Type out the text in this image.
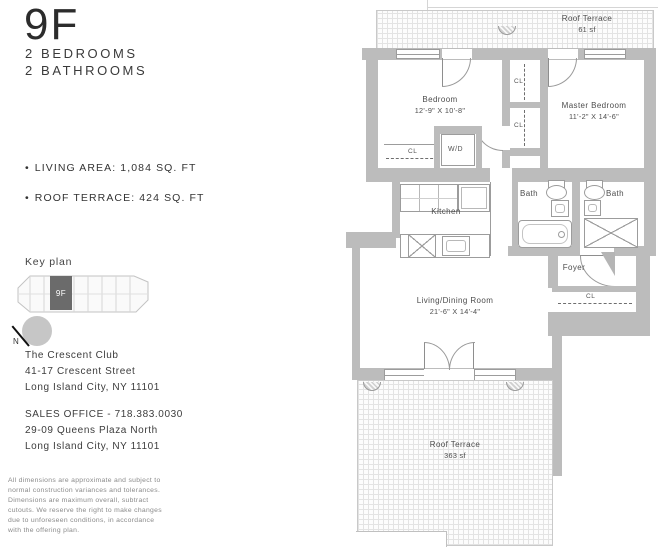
9F
2 BEDROOMS
2 BATHROOMS
• LIVING AREA: 1,084 SQ. FT
• ROOF TERRACE: 424 SQ. FT
Key plan
9F
N
The Crescent Club
41-17 Crescent Street
Long Island City, NY 11101
SALES OFFICE - 718.383.0030
29-09 Queens Plaza North
Long Island City, NY 11101
All dimensions are approximate and subject to normal construction variances and tolerances. Dimensions are maximum overall, subtract cutouts. We reserve the right to make changes due to unforeseen conditions, in accordance with the offering plan.
Roof Terrace
61 sf
CL
CL
Bedroom
12'-9" X 10'-8"
Master Bedroom
11'-2" X 14'-6"
CL	W/D
Kitchen
Bath	Bath
Foyer
CL
Living/Dining Room
21'-6" X 14'-4"
Roof Terrace
363 sf
